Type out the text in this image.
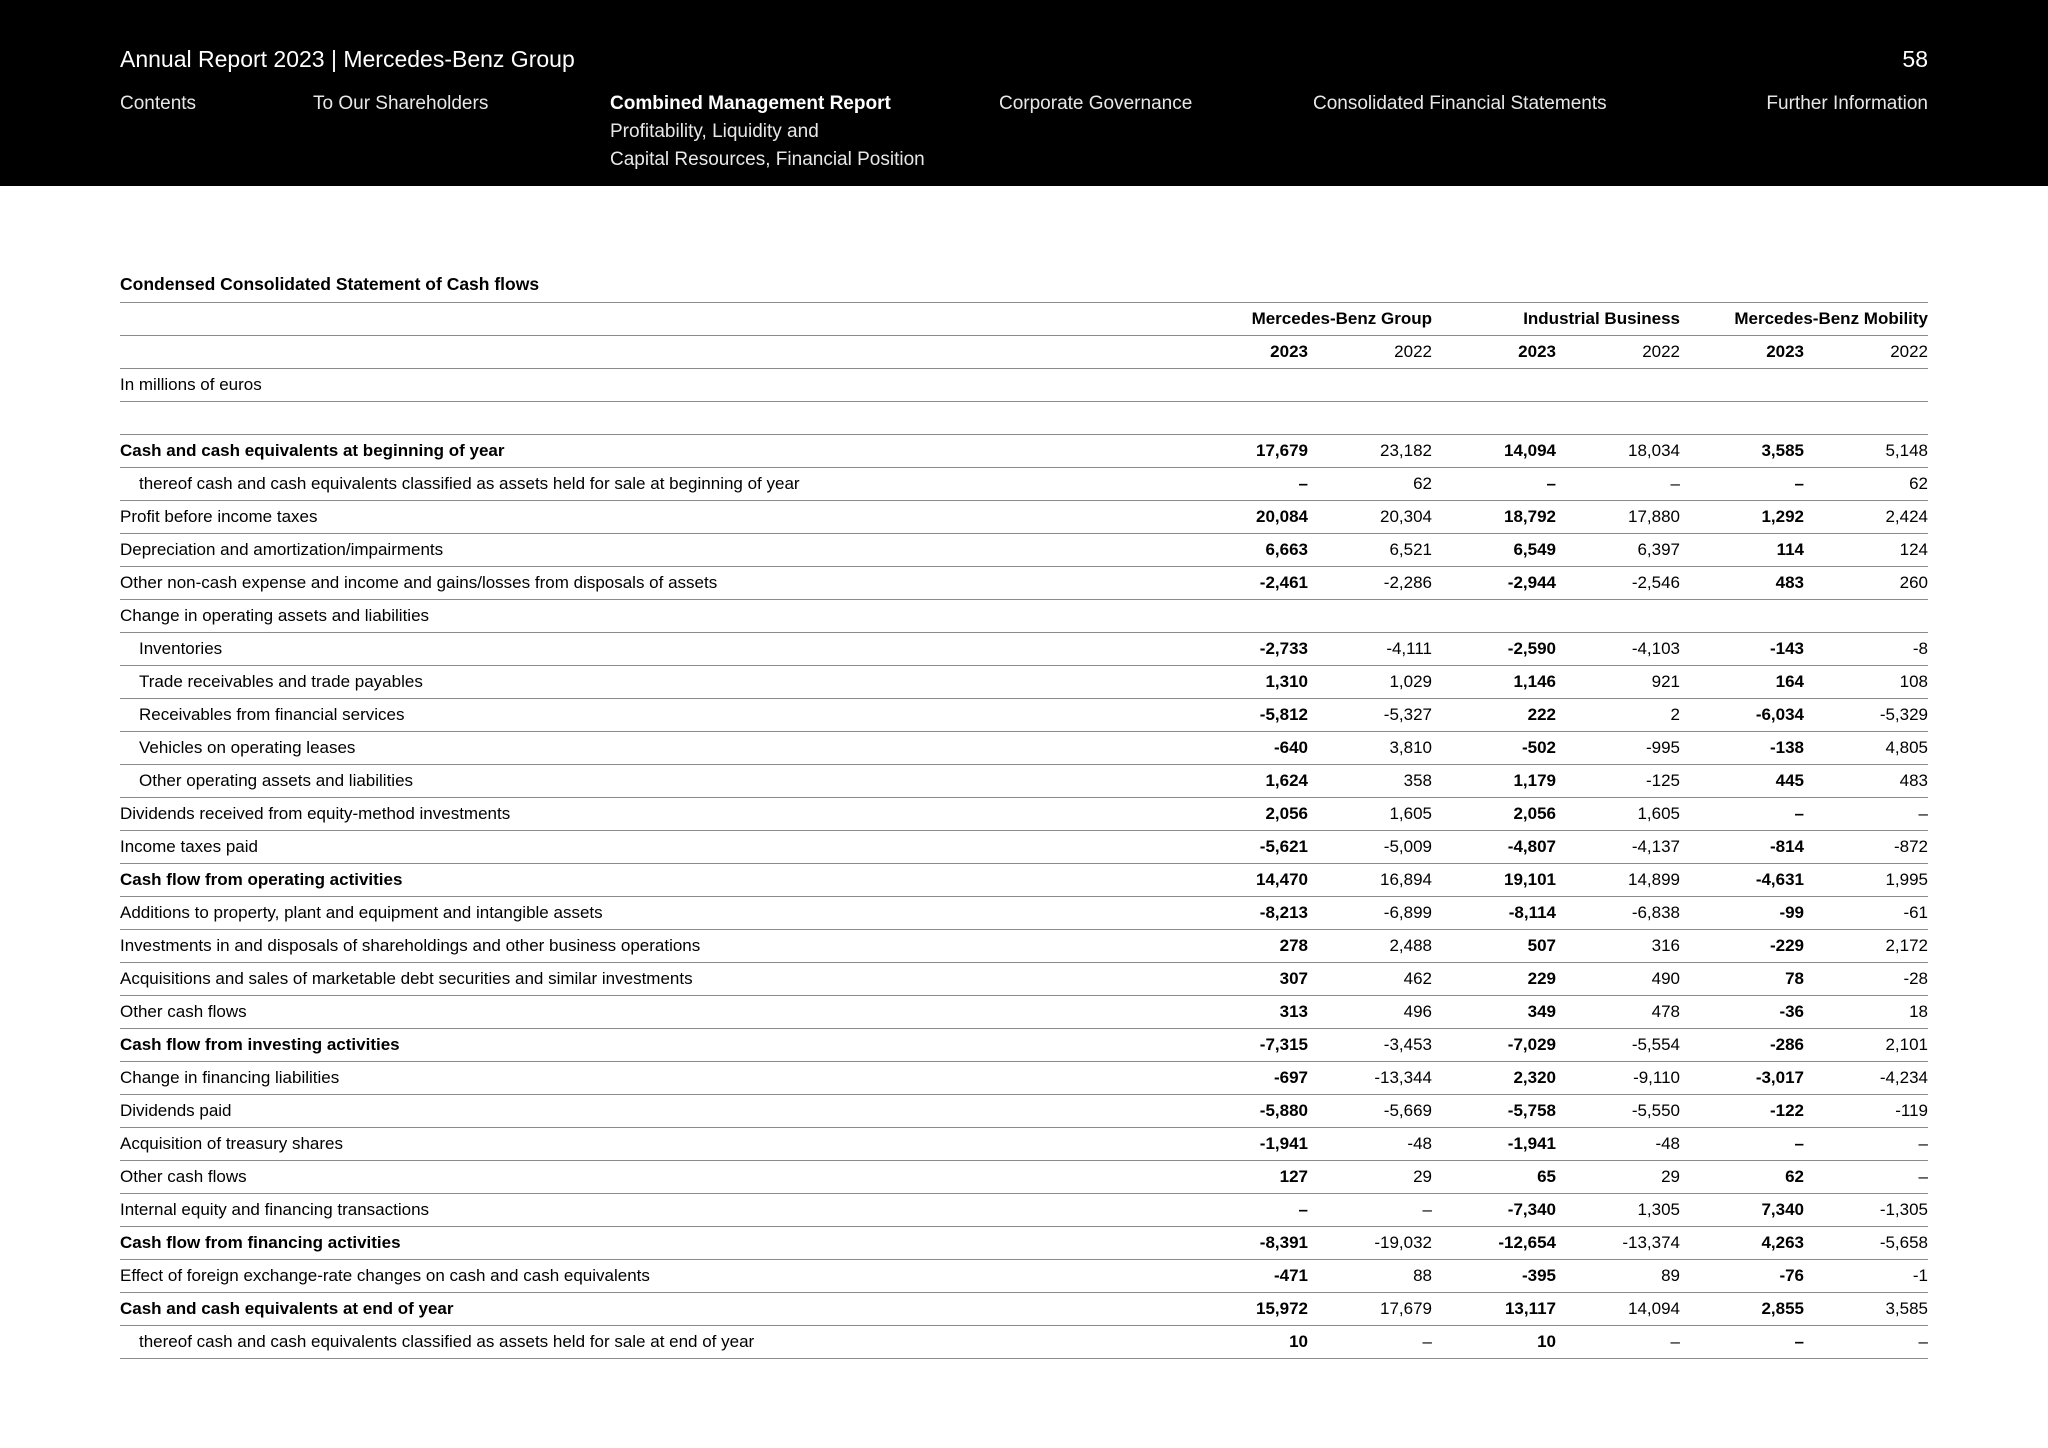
Annual Report 2023 | Mercedes-Benz Group	58
Contents	To Our Shareholders	Combined Management Report
Profitability, Liquidity and
Capital Resources, Financial Position
Corporate Governance	Consolidated Financial Statements	Further Information
Condensed Consolidated Statement of Cash flows
	Mercedes-Benz Group		Industrial Business		Mercedes-Benz Mobility	
	2023	2022	2023	2022	2023	2022
In millions of euros						

Cash and cash equivalents at beginning of year	17,679	23,182	14,094	18,034	3,585	5,148
thereof cash and cash equivalents classified as assets held for sale at beginning of year	–	62	–	–	–	62
Profit before income taxes	20,084	20,304	18,792	17,880	1,292	2,424
Depreciation and amortization/impairments	6,663	6,521	6,549	6,397	114	124
Other non-cash expense and income and gains/losses from disposals of assets	-2,461	-2,286	-2,944	-2,546	483	260
Change in operating assets and liabilities						
Inventories	-2,733	-4,111	-2,590	-4,103	-143	-8
Trade receivables and trade payables	1,310	1,029	1,146	921	164	108
Receivables from financial services	-5,812	-5,327	222	2	-6,034	-5,329
Vehicles on operating leases	-640	3,810	-502	-995	-138	4,805
Other operating assets and liabilities	1,624	358	1,179	-125	445	483
Dividends received from equity-method investments	2,056	1,605	2,056	1,605	–	–
Income taxes paid	-5,621	-5,009	-4,807	-4,137	-814	-872
Cash flow from operating activities	14,470	16,894	19,101	14,899	-4,631	1,995
Additions to property, plant and equipment and intangible assets	-8,213	-6,899	-8,114	-6,838	-99	-61
Investments in and disposals of shareholdings and other business operations	278	2,488	507	316	-229	2,172
Acquisitions and sales of marketable debt securities and similar investments	307	462	229	490	78	-28
Other cash flows	313	496	349	478	-36	18
Cash flow from investing activities	-7,315	-3,453	-7,029	-5,554	-286	2,101
Change in financing liabilities	-697	-13,344	2,320	-9,110	-3,017	-4,234
Dividends paid	-5,880	-5,669	-5,758	-5,550	-122	-119
Acquisition of treasury shares	-1,941	-48	-1,941	-48	–	–
Other cash flows	127	29	65	29	62	–
Internal equity and financing transactions	–	–	-7,340	1,305	7,340	-1,305
Cash flow from financing activities	-8,391	-19,032	-12,654	-13,374	4,263	-5,658
Effect of foreign exchange-rate changes on cash and cash equivalents	-471	88	-395	89	-76	-1
Cash and cash equivalents at end of year	15,972	17,679	13,117	14,094	2,855	3,585
thereof cash and cash equivalents classified as assets held for sale at end of year	10	–	10	–	–	–
